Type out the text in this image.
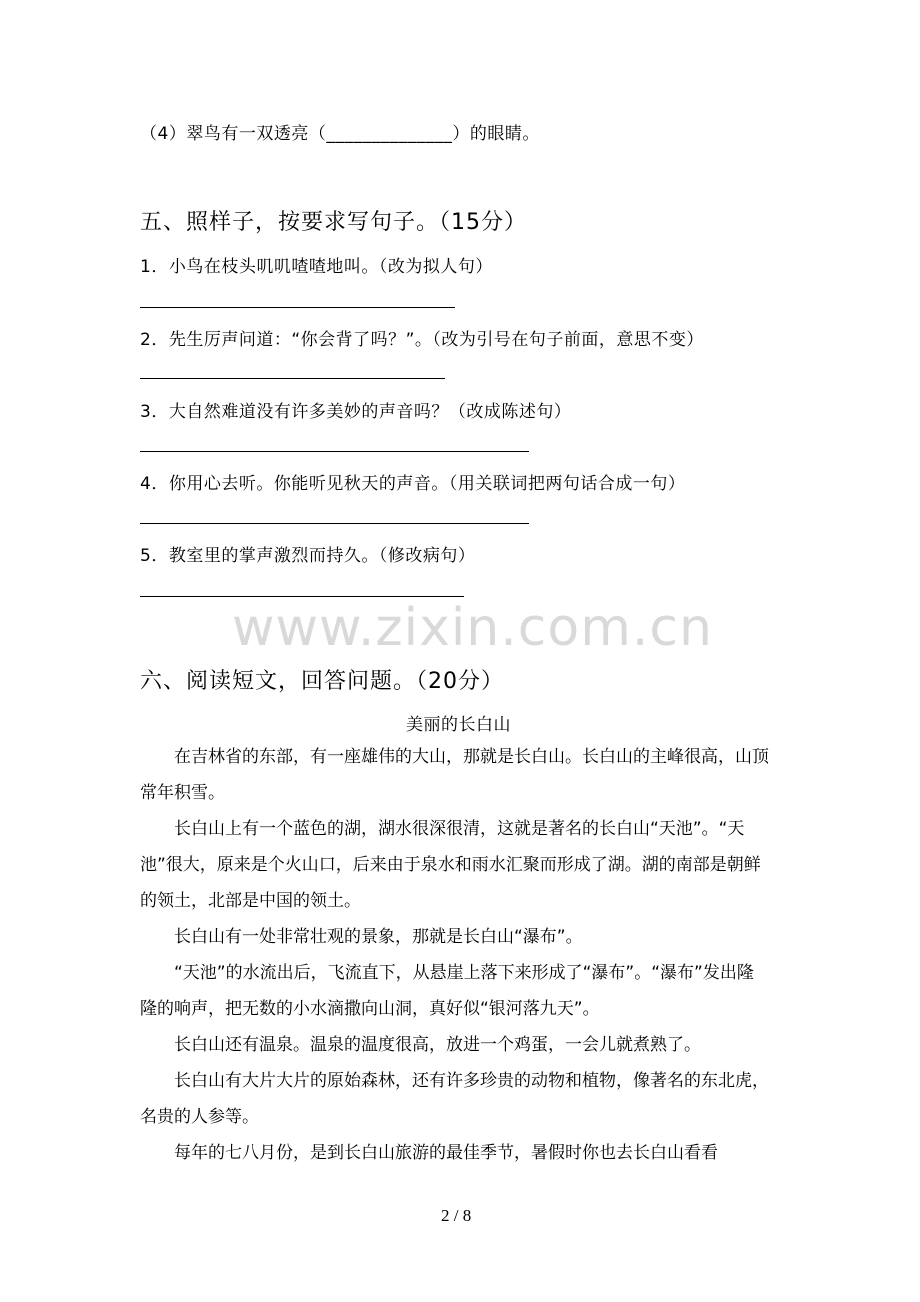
（4）翠鸟有一双透亮（______________）的眼睛。
五、照样子，按要求写句子。（15分）
1．小鸟在枝头叽叽喳喳地叫。（改为拟人句）
2．先生厉声问道：“你会背了吗？”。（改为引号在句子前面，意思不变）
3．大自然难道没有许多美妙的声音吗？（改成陈述句）
4．你用心去听。你能听见秋天的声音。（用关联词把两句话合成一句）
5．教室里的掌声激烈而持久。（修改病句）
www.zixin.com.cn
六、阅读短文，回答问题。（20分）
美丽的长白山
在吉林省的东部，有一座雄伟的大山，那就是长白山。长白山的主峰很高，山顶常年积雪。
长白山上有一个蓝色的湖，湖水很深很清，这就是著名的长白山“天池”。“天池”很大，原来是个火山口，后来由于泉水和雨水汇聚而形成了湖。湖的南部是朝鲜的领土，北部是中国的领土。
长白山有一处非常壮观的景象，那就是长白山“瀑布”。
“天池”的水流出后，飞流直下，从悬崖上落下来形成了“瀑布”。“瀑布”发出隆隆的响声，把无数的小水滴撒向山洞，真好似“银河落九天”。
长白山还有温泉。温泉的温度很高，放进一个鸡蛋，一会儿就煮熟了。
长白山有大片大片的原始森林，还有许多珍贵的动物和植物，像著名的东北虎，名贵的人参等。
每年的七八月份，是到长白山旅游的最佳季节，暑假时你也去长白山看看
2 / 8
